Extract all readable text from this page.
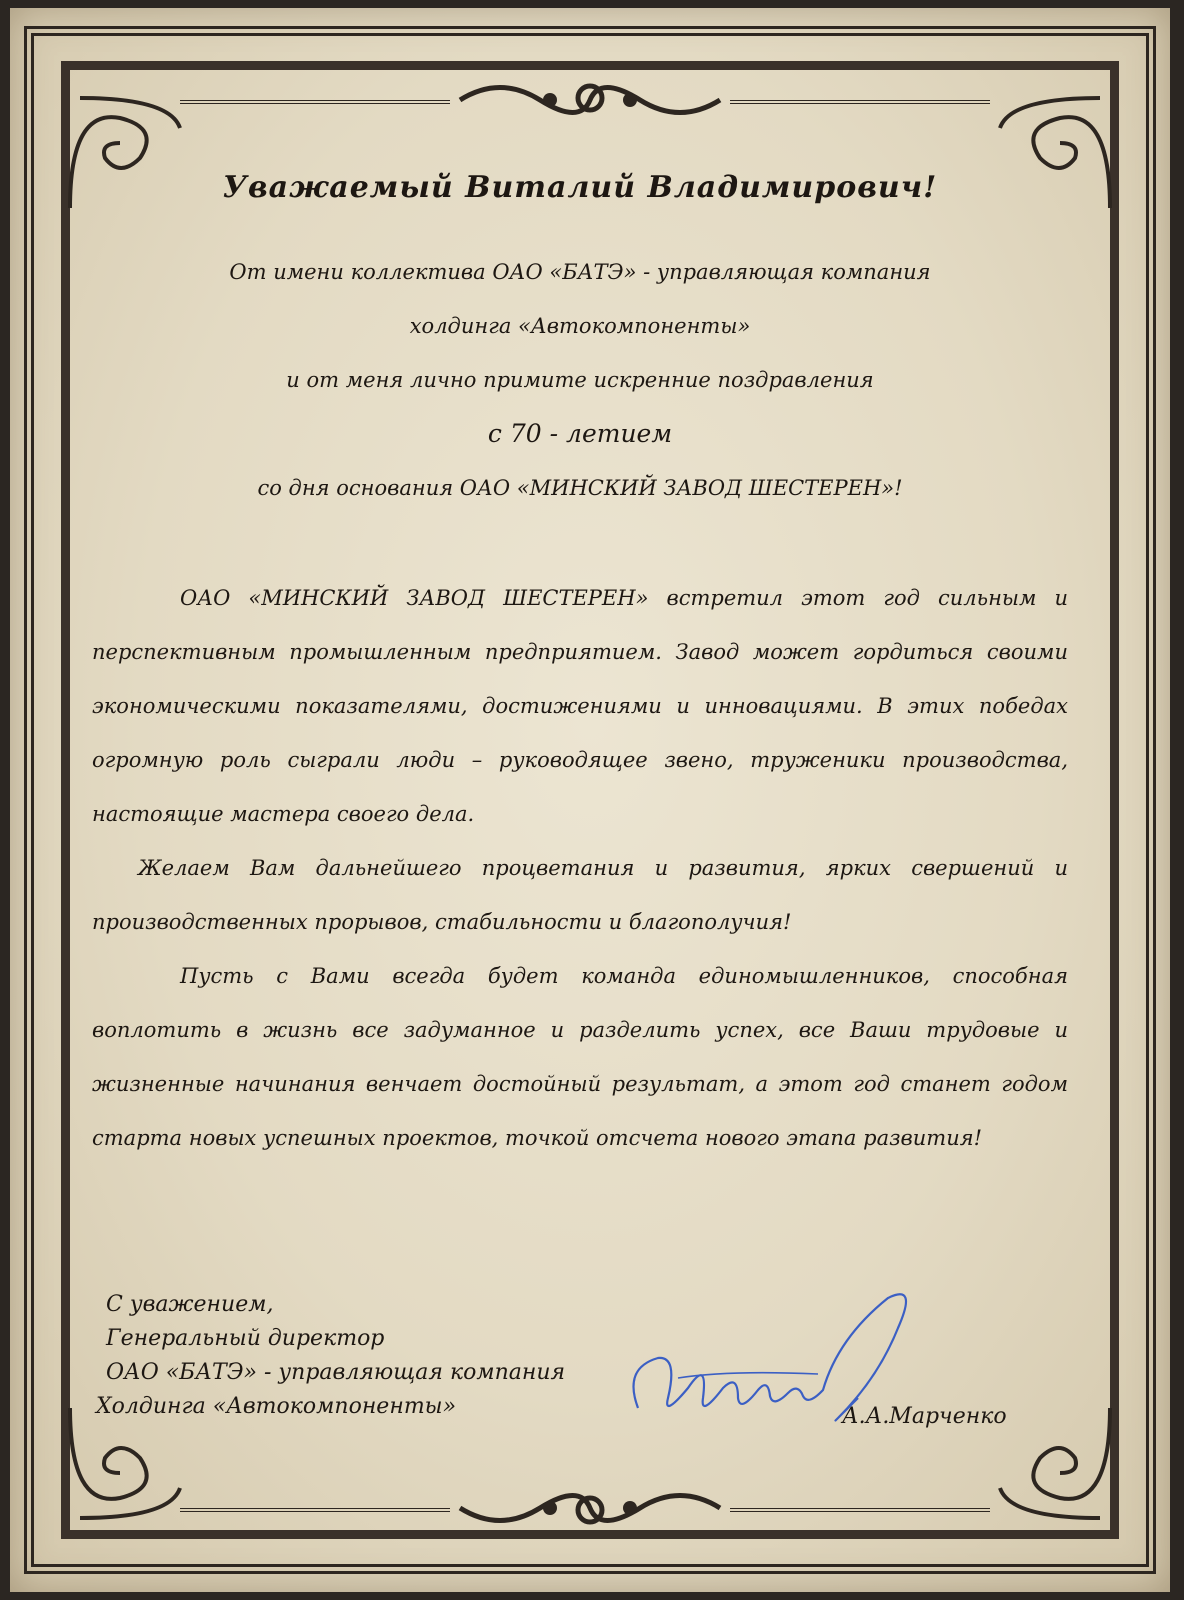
Уважаемый Виталий Владимирович!

От имени коллектива ОАО «БАТЭ» - управляющая компания

холдинга «Автокомпоненты»

и от меня лично примите искренние поздравления

с 70 - летием

со дня основания ОАО «МИНСКИЙ ЗАВОД ШЕСТЕРЕН»!

ОАО «МИНСКИЙ ЗАВОД ШЕСТЕРЕН» встретил этот год сильным и перспективным промышленным предприятием. Завод может гордиться своими экономическими показателями, достижениями и инновациями. В этих победах огромную роль сыграли люди – руководящее звено, труженики производства, настоящие мастера своего дела.

Желаем Вам дальнейшего процветания и развития, ярких свершений и производственных прорывов, стабильности и благополучия!

Пусть с Вами всегда будет команда единомышленников, способная воплотить в жизнь все задуманное и разделить успех, все Ваши трудовые и жизненные начинания венчает достойный результат, а этот год станет годом старта новых успешных проектов, точкой отсчета нового этапа развития!

С уважением,
Генеральный директор
ОАО «БАТЭ» - управляющая компания
Холдинга «Автокомпоненты»	А.А.Марченко
